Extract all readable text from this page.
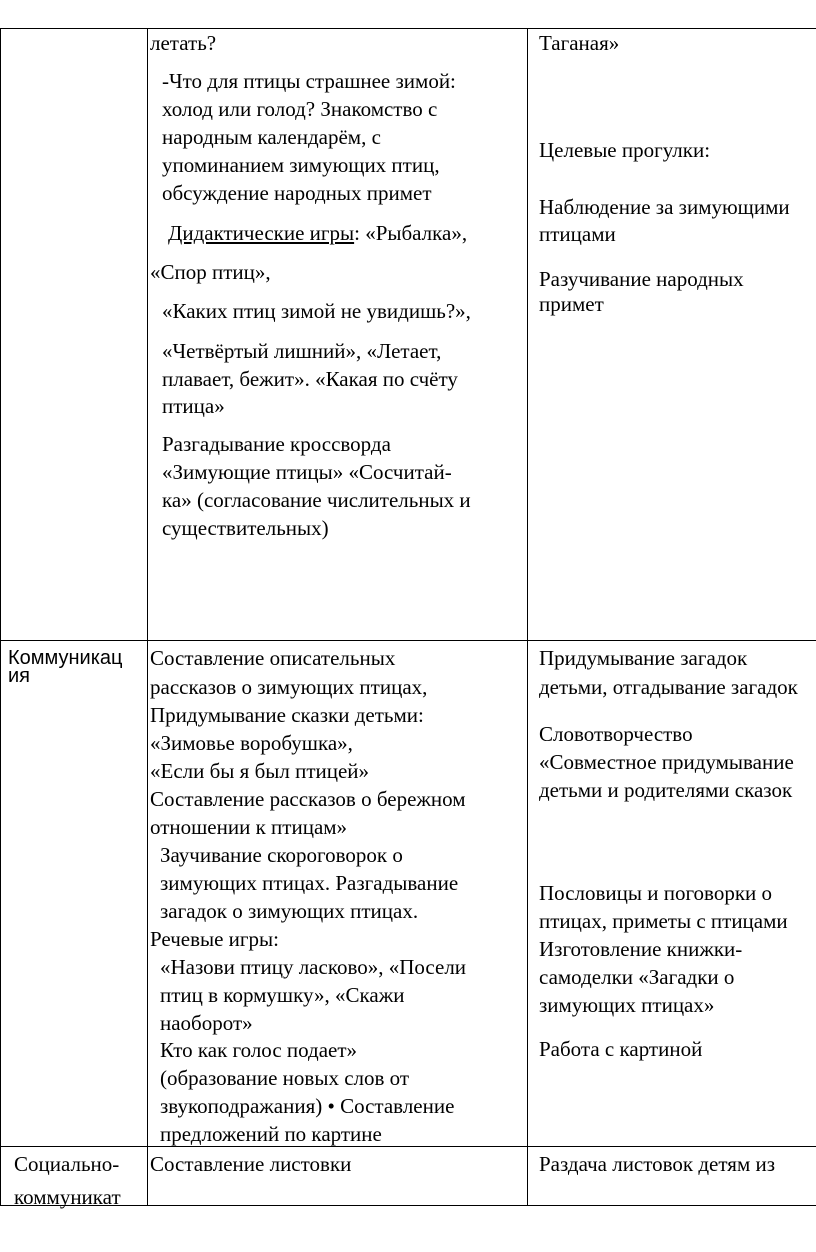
летать?

-Что для птицы страшнее зимой:

холод или голод? Знакомство с

народным календарём, с

упоминанием зимующих птиц,

обсуждение народных примет

Дидактические игры: «Рыбалка»,

«Спор птиц»,

«Каких птиц зимой не увидишь?»,

«Четвёртый лишний», «Летает,

плавает, бежит». «Какая по счёту

птица»

Разгадывание кроссворда

«Зимующие птицы» «Сосчитай-

ка» (согласование числительных и

существительных)

Таганая»

Целевые прогулки:

Наблюдение за зимующими

птицами

Разучивание народных

примет

Коммуникац

ия

Составление описательных

рассказов о зимующих птицах,

Придумывание сказки детьми:

«Зимовье воробушка»,

«Если бы я был птицей»

Составление рассказов о бережном

отношении к птицам»

Заучивание скороговорок о

зимующих птицах. Разгадывание

загадок о зимующих птицах.

Речевые игры:

«Назови птицу ласково», «Посели

птиц в кормушку», «Скажи

наоборот»

Кто как голос подает»

(образование новых слов от

звукоподражания) • Составление

предложений по картине

Придумывание загадок

детьми, отгадывание загадок

Словотворчество

«Совместное придумывание

детьми и родителями сказок

Пословицы и поговорки о

птицах, приметы с птицами

Изготовление книжки-

самоделки «Загадки о

зимующих птицах»

Работа с картиной

Социально-

коммуникат

Составление листовки	Раздача листовок детям из
